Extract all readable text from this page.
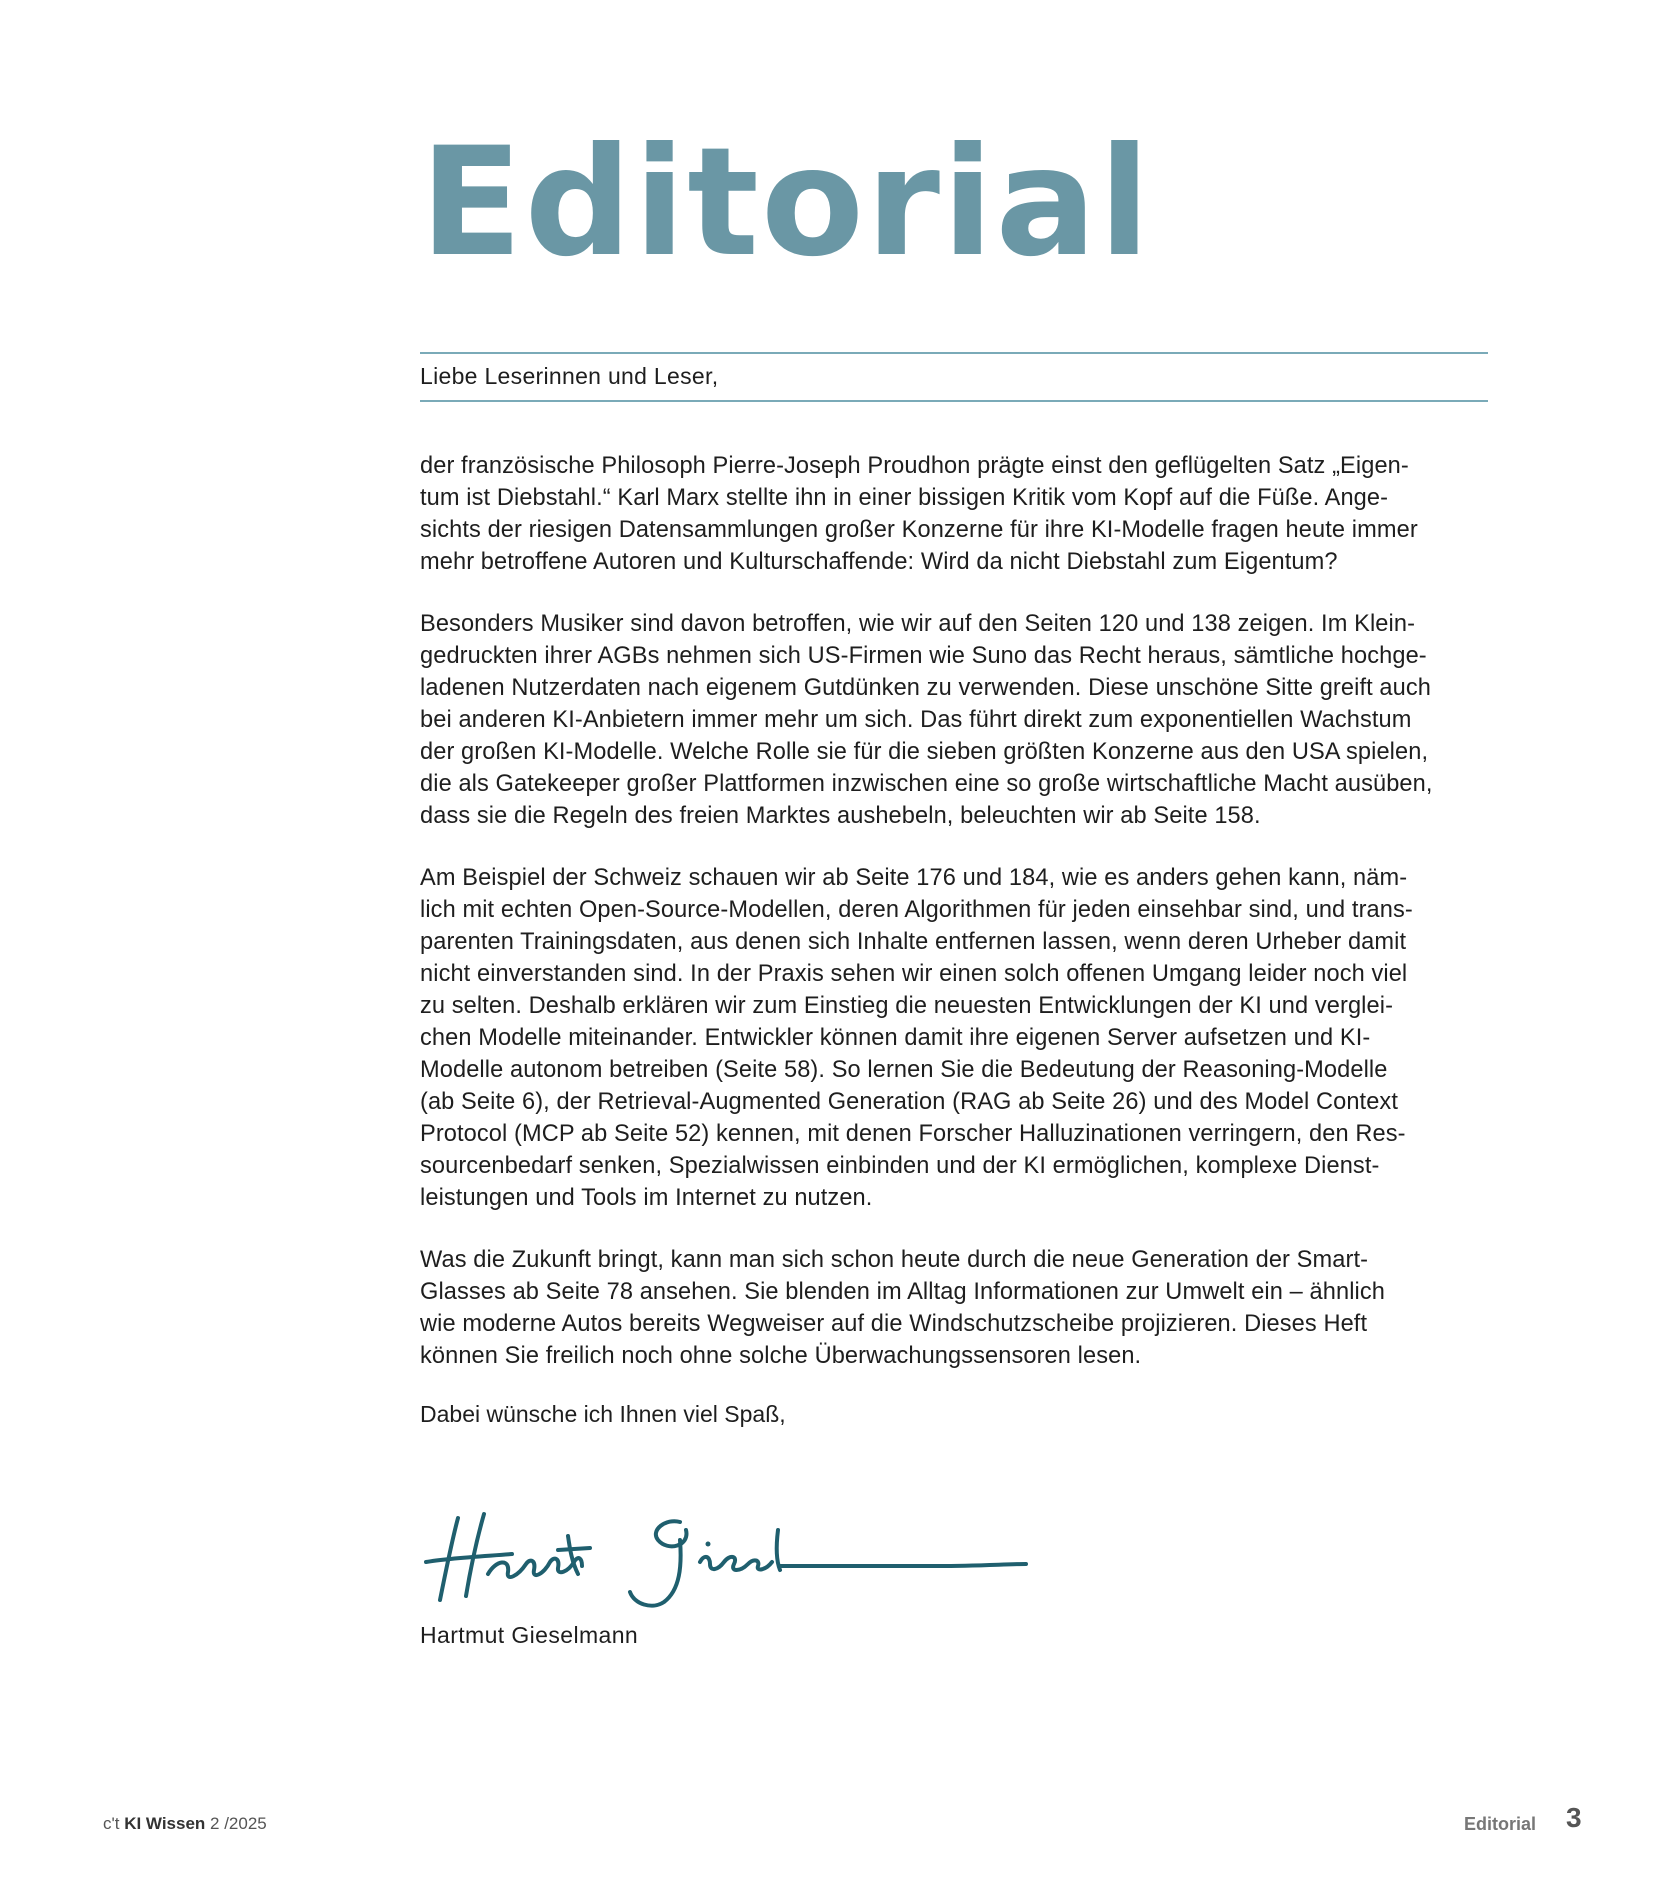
Editorial

Liebe Leserinnen und Leser,

der französische Philosoph Pierre-Joseph Proudhon prägte einst den geflügelten Satz „Eigen-
tum ist Diebstahl.“ Karl Marx stellte ihn in einer bissigen Kritik vom Kopf auf die Füße. Ange-
sichts der riesigen Datensammlungen großer Konzerne für ihre KI-Modelle fragen heute immer
mehr betroffene Autoren und Kulturschaffende: Wird da nicht Diebstahl zum Eigentum?

Besonders Musiker sind davon betroffen, wie wir auf den Seiten 120 und 138 zeigen. Im Klein-
gedruckten ihrer AGBs nehmen sich US-Firmen wie Suno das Recht heraus, sämtliche hochge-
ladenen Nutzerdaten nach eigenem Gutdünken zu verwenden. Diese unschöne Sitte greift auch
bei anderen KI-Anbietern immer mehr um sich. Das führt direkt zum exponentiellen Wachstum
der großen KI-Modelle. Welche Rolle sie für die sieben größten Konzerne aus den USA spielen,
die als Gatekeeper großer Plattformen inzwischen eine so große wirtschaftliche Macht ausüben,
dass sie die Regeln des freien Marktes aushebeln, beleuchten wir ab Seite 158.

Am Beispiel der Schweiz schauen wir ab Seite 176 und 184, wie es anders gehen kann, näm-
lich mit echten Open-Source-Modellen, deren Algorithmen für jeden einsehbar sind, und trans-
parenten Trainingsdaten, aus denen sich Inhalte entfernen lassen, wenn deren Urheber damit
nicht einverstanden sind. In der Praxis sehen wir einen solch offenen Umgang leider noch viel
zu selten. Deshalb erklären wir zum Einstieg die neuesten Entwicklungen der KI und verglei-
chen Modelle miteinander. Entwickler können damit ihre eigenen Server aufsetzen und KI-
Modelle autonom betreiben (Seite 58). So lernen Sie die Bedeutung der Reasoning-Modelle
(ab Seite 6), der Retrieval-Augmented Generation (RAG ab Seite 26) und des Model Context
Protocol (MCP ab Seite 52) kennen, mit denen Forscher Halluzinationen verringern, den Res-
sourcenbedarf senken, Spezialwissen einbinden und der KI ermöglichen, komplexe Dienst-
leistungen und Tools im Internet zu nutzen.

Was die Zukunft bringt, kann man sich schon heute durch die neue Generation der Smart-
Glasses ab Seite 78 ansehen. Sie blenden im Alltag Informationen zur Umwelt ein – ähnlich
wie moderne Autos bereits Wegweiser auf die Windschutzscheibe projizieren. Dieses Heft
können Sie freilich noch ohne solche Überwachungssensoren lesen.

Dabei wünsche ich Ihnen viel Spaß,

Hartmut Gieselmann

c't KI Wissen 2 /2025	Editorial 3
